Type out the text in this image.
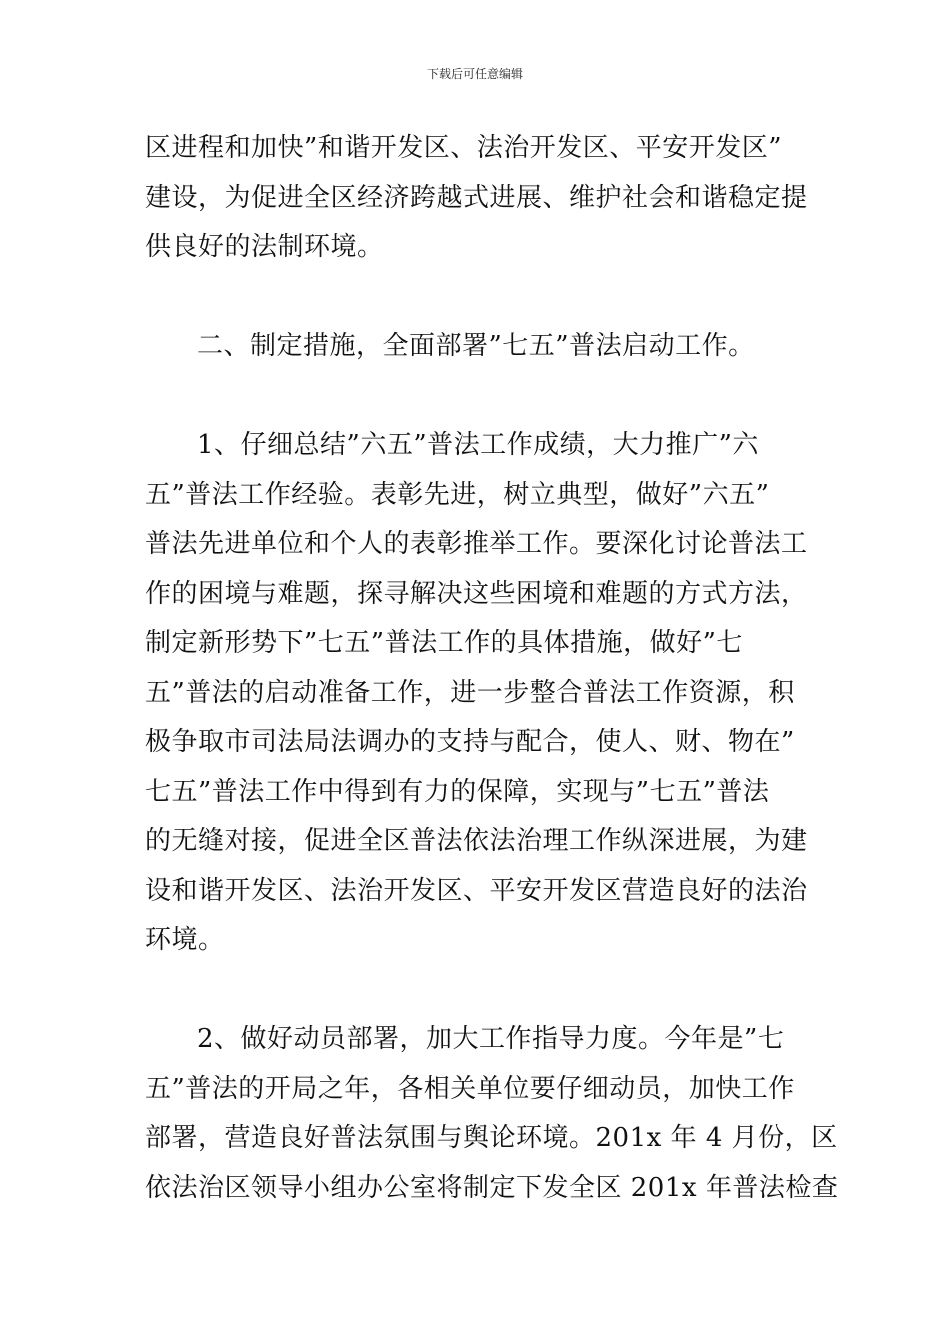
下载后可任意编辑
区进程和加快”和谐开发区、法治开发区、平安开发区”
建设，为促进全区经济跨越式进展、维护社会和谐稳定提
供良好的法制环境。
二、制定措施，全面部署”七五”普法启动工作。
1、仔细总结”六五”普法工作成绩，大力推广”六
五”普法工作经验。表彰先进，树立典型，做好”六五”
普法先进单位和个人的表彰推举工作。要深化讨论普法工
作的困境与难题，探寻解决这些困境和难题的方式方法，
制定新形势下”七五”普法工作的具体措施，做好”七
五”普法的启动准备工作，进一步整合普法工作资源，积
极争取市司法局法调办的支持与配合，使人、财、物在”
七五”普法工作中得到有力的保障，实现与”七五”普法
的无缝对接，促进全区普法依法治理工作纵深进展，为建
设和谐开发区、法治开发区、平安开发区营造良好的法治
环境。
2、做好动员部署，加大工作指导力度。今年是”七
五”普法的开局之年，各相关单位要仔细动员，加快工作
部署，营造良好普法氛围与舆论环境。201x 年 4 月份，区
依法治区领导小组办公室将制定下发全区 201x 年普法检查
